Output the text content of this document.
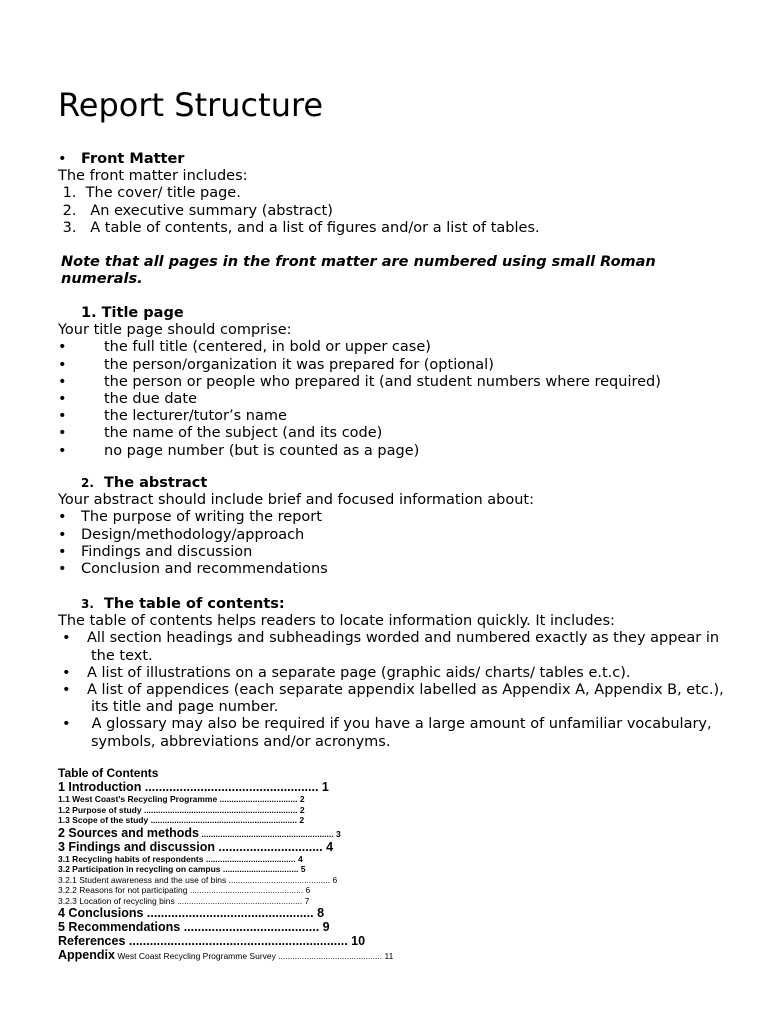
Report Structure
• Front Matter
The front matter includes:
1.  The cover/ title page.
2.   An executive summary (abstract)
3.   A table of contents, and a list of figures and/or a list of tables.
Note that all pages in the front matter are numbered using small Roman numerals.
1. Title page
Your title page should comprise:
•	the full title (centered, in bold or upper case)
•	the person/organization it was prepared for (optional)
•	the person or people who prepared it (and student numbers where required)
•	the due date
•	the lecturer/tutor’s name
•	the name of the subject (and its code)
•	no page number (but is counted as a page)
2. The abstract
Your abstract should include brief and focused information about:
• The purpose of writing the report
• Design/methodology/approach
• Findings and discussion
• Conclusion and recommendations
3. The table of contents:
The table of contents helps readers to locate information quickly. It includes:
• All section headings and subheadings worded and numbered exactly as they appear in the text.
• A list of illustrations on a separate page (graphic aids/ charts/ tables e.t.c).
• A list of appendices (each separate appendix labelled as Appendix A, Appendix B, etc.), its title and page number.
• A glossary may also be required if you have a large amount of unfamiliar vocabulary, symbols, abbreviations and/or acronyms.
Table of Contents
1 Introduction .................................................. 1
1.1 West Coast’s Recycling Programme ................................. 2
1.2 Purpose of study ................................................................. 2
1.3 Scope of the study .............................................................. 2
2 Sources and methods ........................................................ 3
3 Findings and discussion .............................. 4
3.1 Recycling habits of respondents ...................................... 4
3.2 Participation in recycling on campus ................................ 5
3.2.1 Student awareness and the use of bins ........................................... 6
3.2.2 Reasons for not participating ................................................ 6
3.2.3 Location of recycling bins ..................................................... 7
4 Conclusions ................................................ 8
5 Recommendations ....................................... 9
References ............................................................... 10
Appendix West Coast Recycling Programme Survey ............................................ 11
